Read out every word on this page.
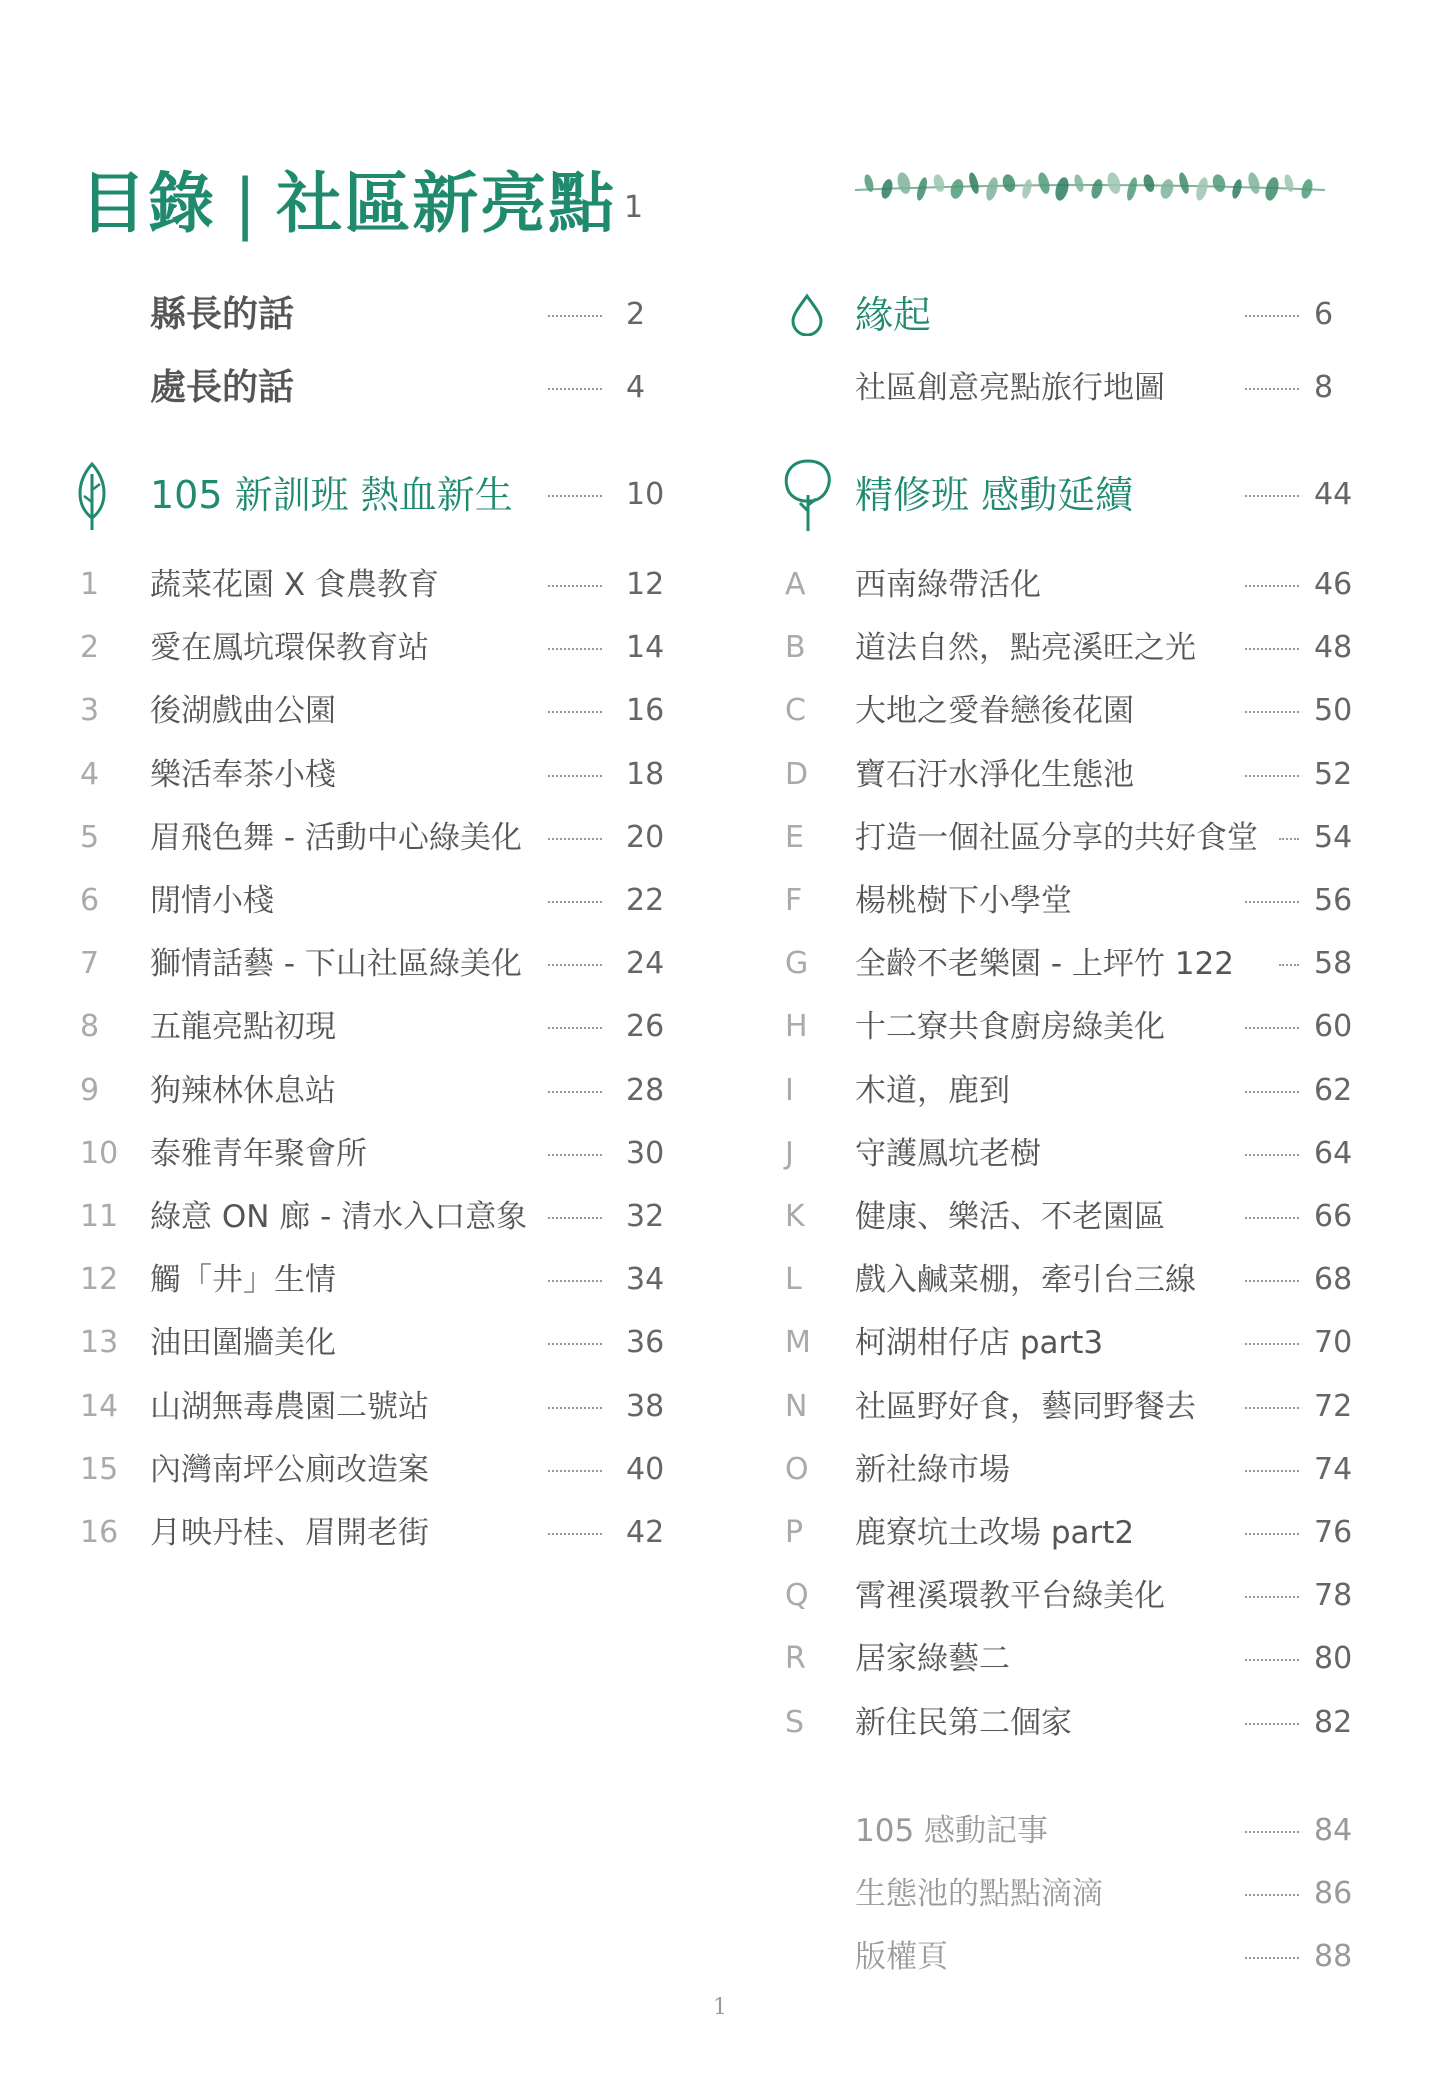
目錄 | 社區新亮點 1
縣長的話	2
處長的話	4
105 新訓班 熱血新生	10
1 蔬菜花園 X 食農教育	12
2 愛在鳳坑環保教育站	14
3 後湖戲曲公園	16
4 樂活奉茶小棧	18
5 眉飛色舞 - 活動中心綠美化	20
6 閒情小棧	22
7 獅情話藝 - 下山社區綠美化	24
8 五龍亮點初現	26
9 狗辣林休息站	28
10 泰雅青年聚會所	30
11 綠意 ON 廊 - 清水入口意象	32
12 觸「井」生情	34
13 油田圍牆美化	36
14 山湖無毒農園二號站	38
15 內灣南坪公廁改造案	40
16 月映丹桂、眉開老街	42
緣起	6
社區創意亮點旅行地圖	8
精修班 感動延續	44
A 西南綠帶活化	46
B 道法自然，點亮溪旺之光	48
C 大地之愛眷戀後花園	50
D 寶石汙水淨化生態池	52
E 打造一個社區分享的共好食堂 54
F 楊桃樹下小學堂	56
G 全齡不老樂園 - 上坪竹 122	58
H 十二寮共食廚房綠美化	60
I 木道，鹿到	62
J 守護鳳坑老樹	64
K 健康、樂活、不老園區	66
L 戲入鹹菜棚，牽引台三線	68
M 柯湖柑仔店 part3	70
N 社區野好食，藝同野餐去	72
O 新社綠市場	74
P 鹿寮坑土改場 part2	76
Q 霄裡溪環教平台綠美化	78
R 居家綠藝二	80
S 新住民第二個家	82
105 感動記事	84
生態池的點點滴滴	86
版權頁	88
1
